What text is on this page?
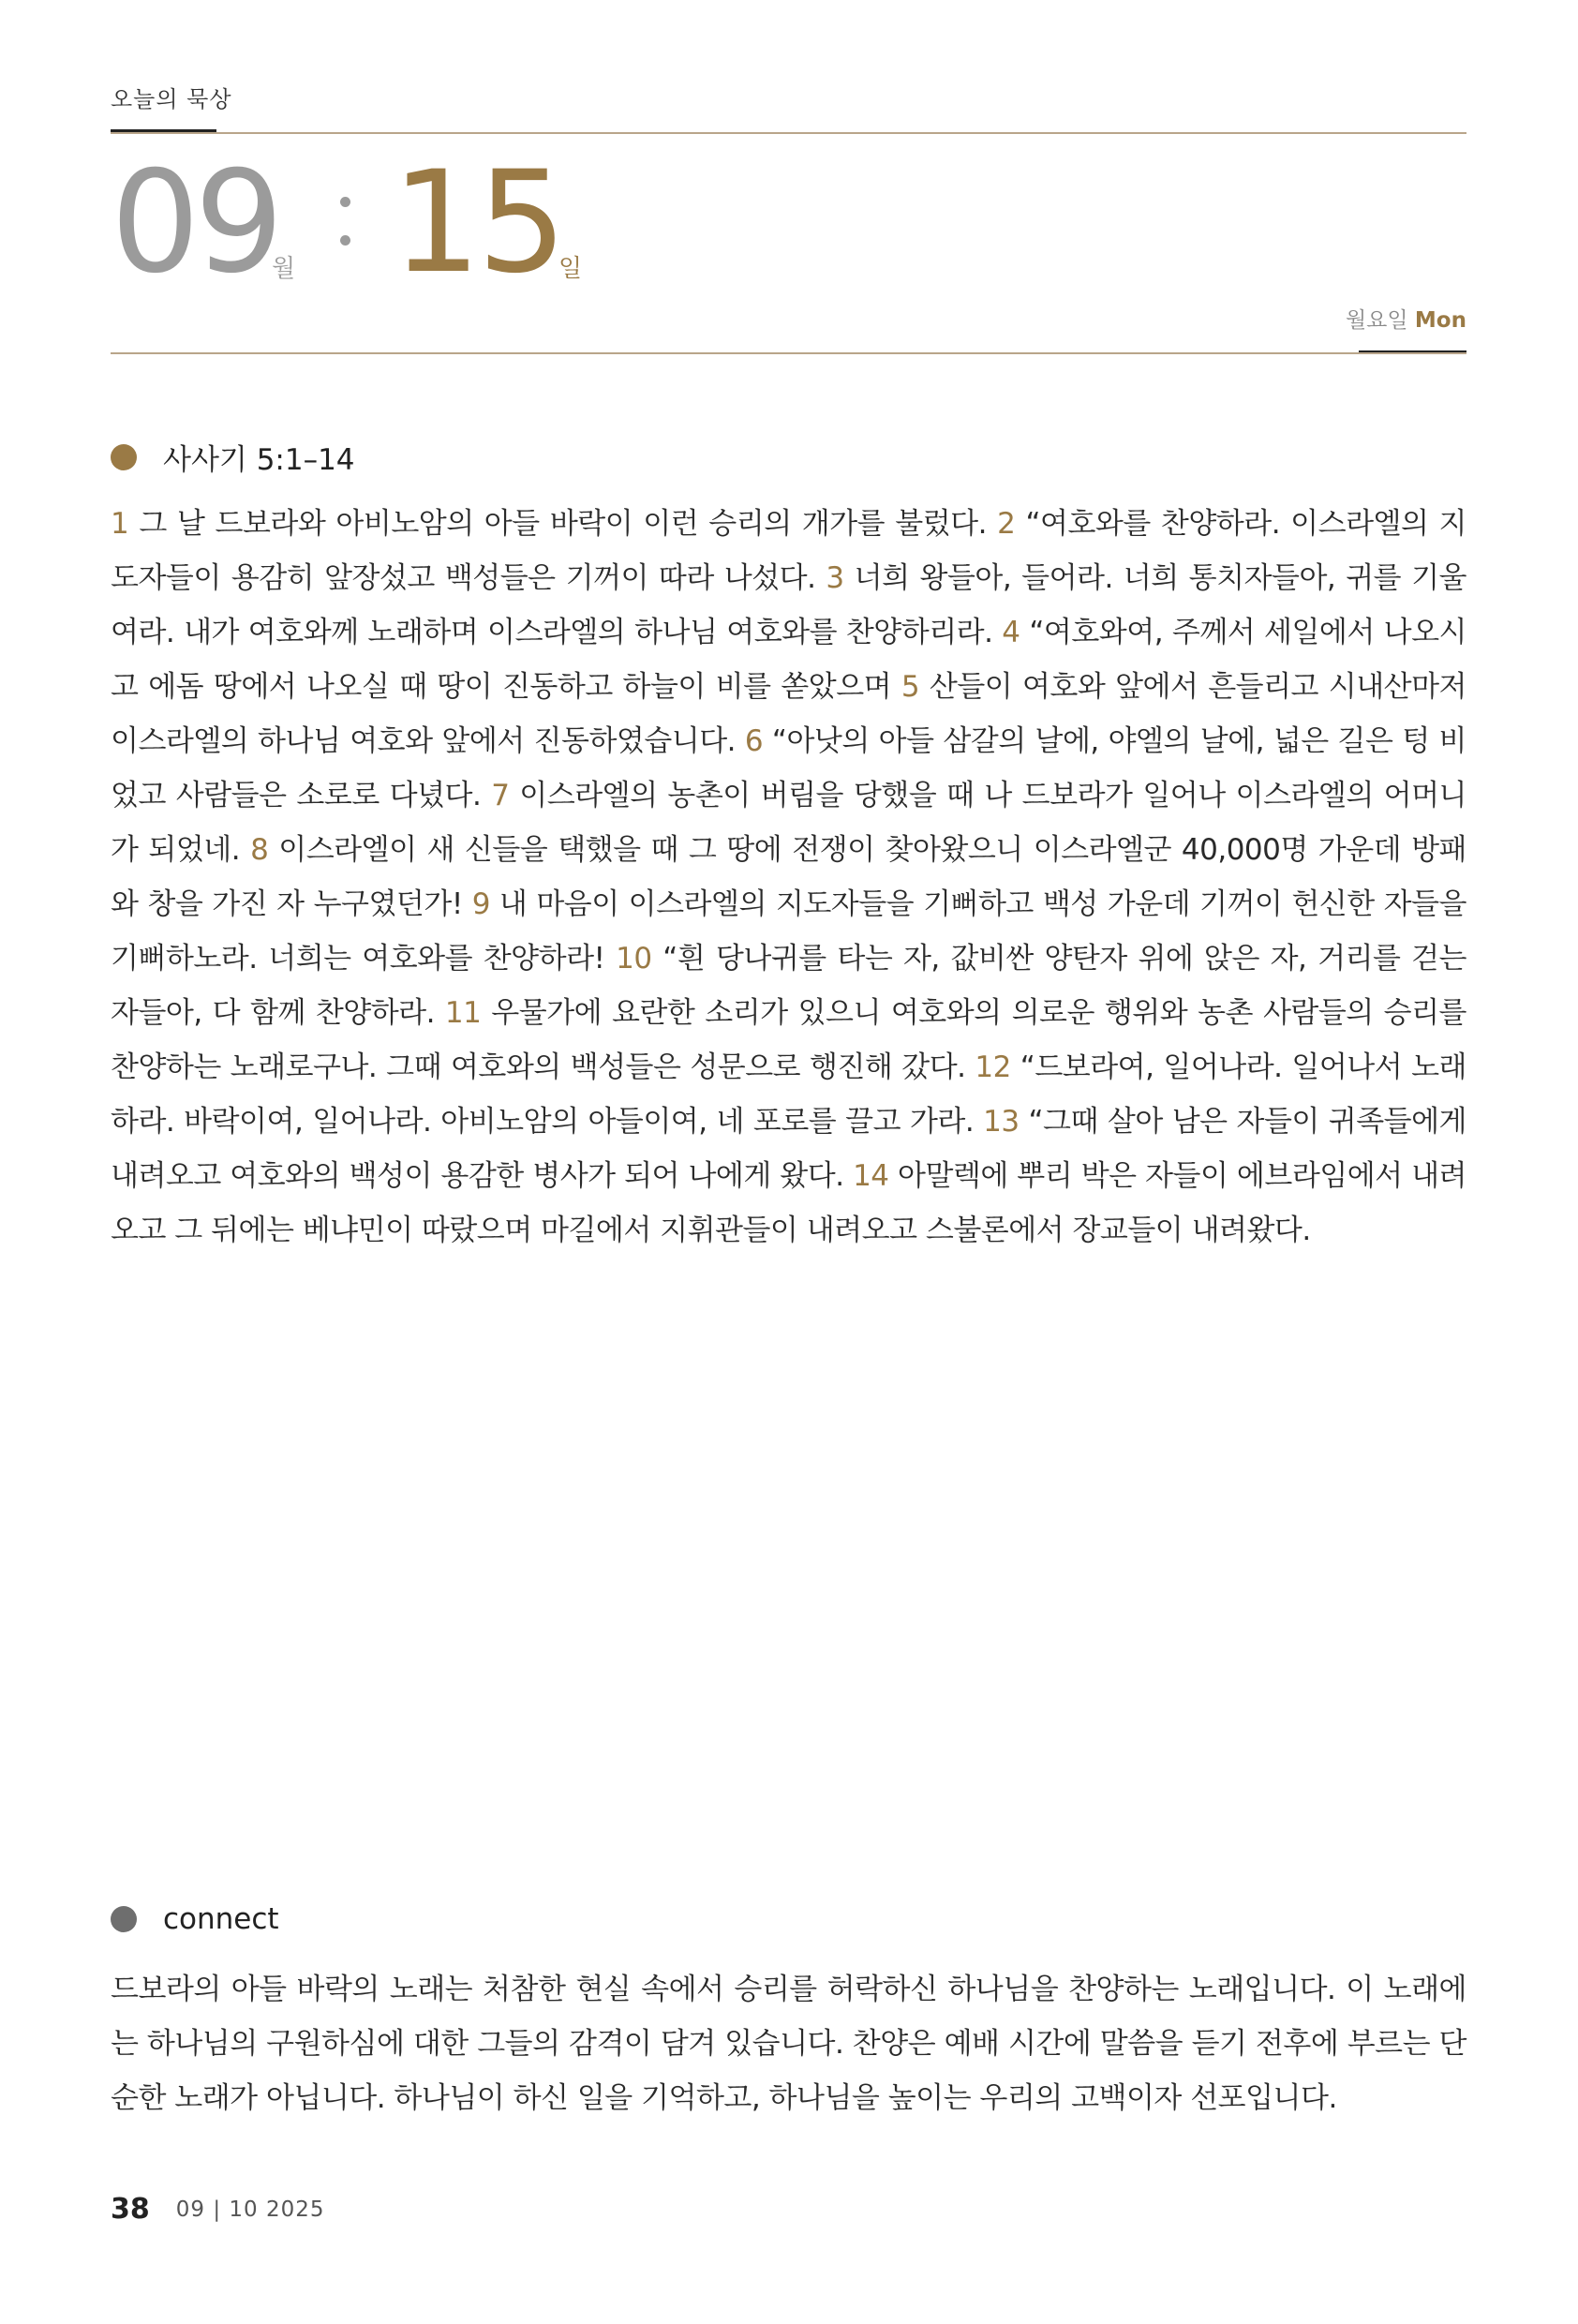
오늘의 묵상
09
월 15
일
월요일 Mon
사사기 5:1–14
1 그 날 드보라와 아비노암의 아들 바락이 이런 승리의 개가를 불렀다. 2 “여호와를 찬양하라. 이스라엘의 지도자들이 용감히 앞장섰고 백성들은 기꺼이 따라 나섰다. 3 너희 왕들아, 들어라. 너희 통치자들아, 귀를 기울여라. 내가 여호와께 노래하며 이스라엘의 하나님 여호와를 찬양하리라. 4 “여호와여, 주께서 세일에서 나오시고 에돔 땅에서 나오실 때 땅이 진동하고 하늘이 비를 쏟았으며 5 산들이 여호와 앞에서 흔들리고 시내산마저 이스라엘의 하나님 여호와 앞에서 진동하였습니다. 6 “아낫의 아들 삼갈의 날에, 야엘의 날에, 넓은 길은 텅 비었고 사람들은 소로로 다녔다. 7 이스라엘의 농촌이 버림을 당했을 때 나 드보라가 일어나 이스라엘의 어머니가 되었네. 8 이스라엘이 새 신들을 택했을 때 그 땅에 전쟁이 찾아왔으니 이스라엘군 40,000명 가운데 방패와 창을 가진 자 누구였던가! 9 내 마음이 이스라엘의 지도자들을 기뻐하고 백성 가운데 기꺼이 헌신한 자들을 기뻐하노라. 너희는 여호와를 찬양하라! 10 “흰 당나귀를 타는 자, 값비싼 양탄자 위에 앉은 자, 거리를 걷는 자들아, 다 함께 찬양하라. 11 우물가에 요란한 소리가 있으니 여호와의 의로운 행위와 농촌 사람들의 승리를 찬양하는 노래로구나. 그때 여호와의 백성들은 성문으로 행진해 갔다. 12 “드보라여, 일어나라. 일어나서 노래하라. 바락이여, 일어나라. 아비노암의 아들이여, 네 포로를 끌고 가라. 13 “그때 살아 남은 자들이 귀족들에게 내려오고 여호와의 백성이 용감한 병사가 되어 나에게 왔다. 14 아말렉에 뿌리 박은 자들이 에브라임에서 내려오고 그 뒤에는 베냐민이 따랐으며 마길에서 지휘관들이 내려오고 스불론에서 장교들이 내려왔다.
connect
드보라의 아들 바락의 노래는 처참한 현실 속에서 승리를 허락하신 하나님을 찬양하는 노래입니다. 이 노래에는 하나님의 구원하심에 대한 그들의 감격이 담겨 있습니다. 찬양은 예배 시간에 말씀을 듣기 전후에 부르는 단순한 노래가 아닙니다. 하나님이 하신 일을 기억하고, 하나님을 높이는 우리의 고백이자 선포입니다.
38 09 | 10 2025
